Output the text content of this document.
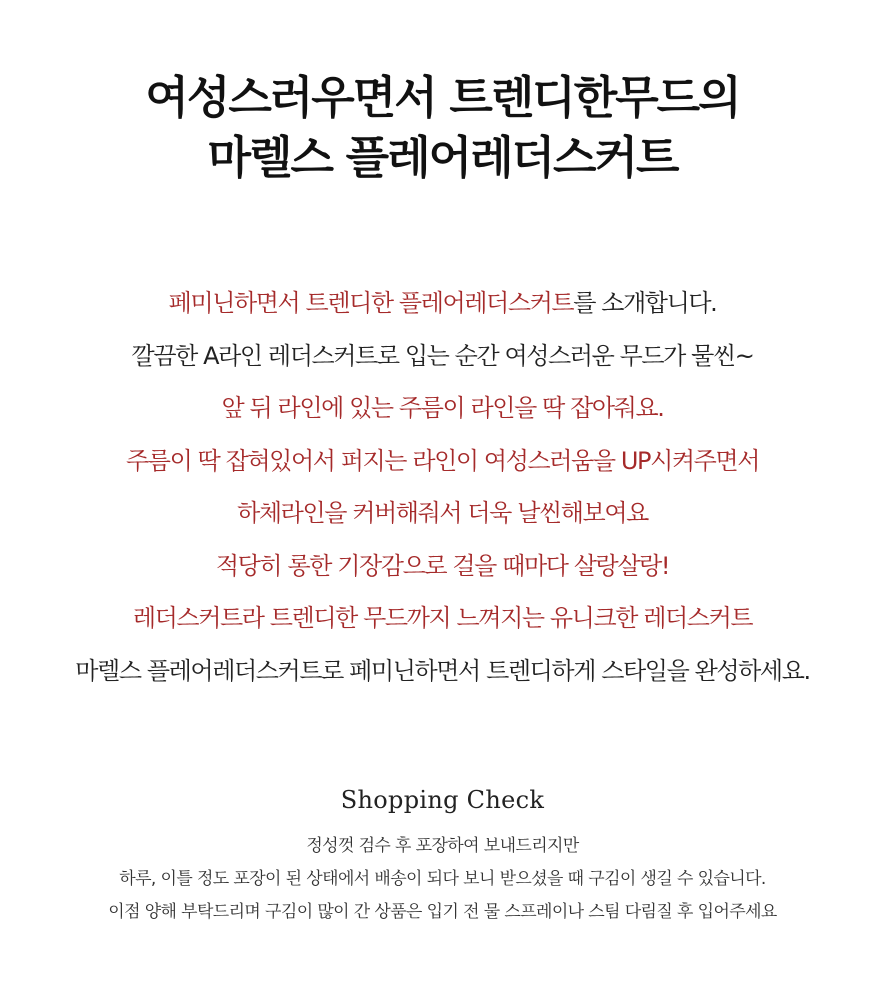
여성스러우면서 트렌디한무드의
마렐스 플레어레더스커트
페미닌하면서 트렌디한 플레어레더스커트를 소개합니다.
깔끔한 A라인 레더스커트로 입는 순간 여성스러운 무드가 물씬~
앞 뒤 라인에 있는 주름이 라인을 딱 잡아줘요.
주름이 딱 잡혀있어서 퍼지는 라인이 여성스러움을 UP시켜주면서
하체라인을 커버해줘서 더욱 날씬해보여요
적당히 롱한 기장감으로 걸을 때마다 살랑살랑!
레더스커트라 트렌디한 무드까지 느껴지는 유니크한 레더스커트
마렐스 플레어레더스커트로 페미닌하면서 트렌디하게 스타일을 완성하세요.
Shopping Check
정성껏 검수 후 포장하여 보내드리지만
하루, 이틀 정도 포장이 된 상태에서 배송이 되다 보니 받으셨을 때 구김이 생길 수 있습니다.
이점 양해 부탁드리며 구김이 많이 간 상품은 입기 전 물 스프레이나 스팀 다림질 후 입어주세요
